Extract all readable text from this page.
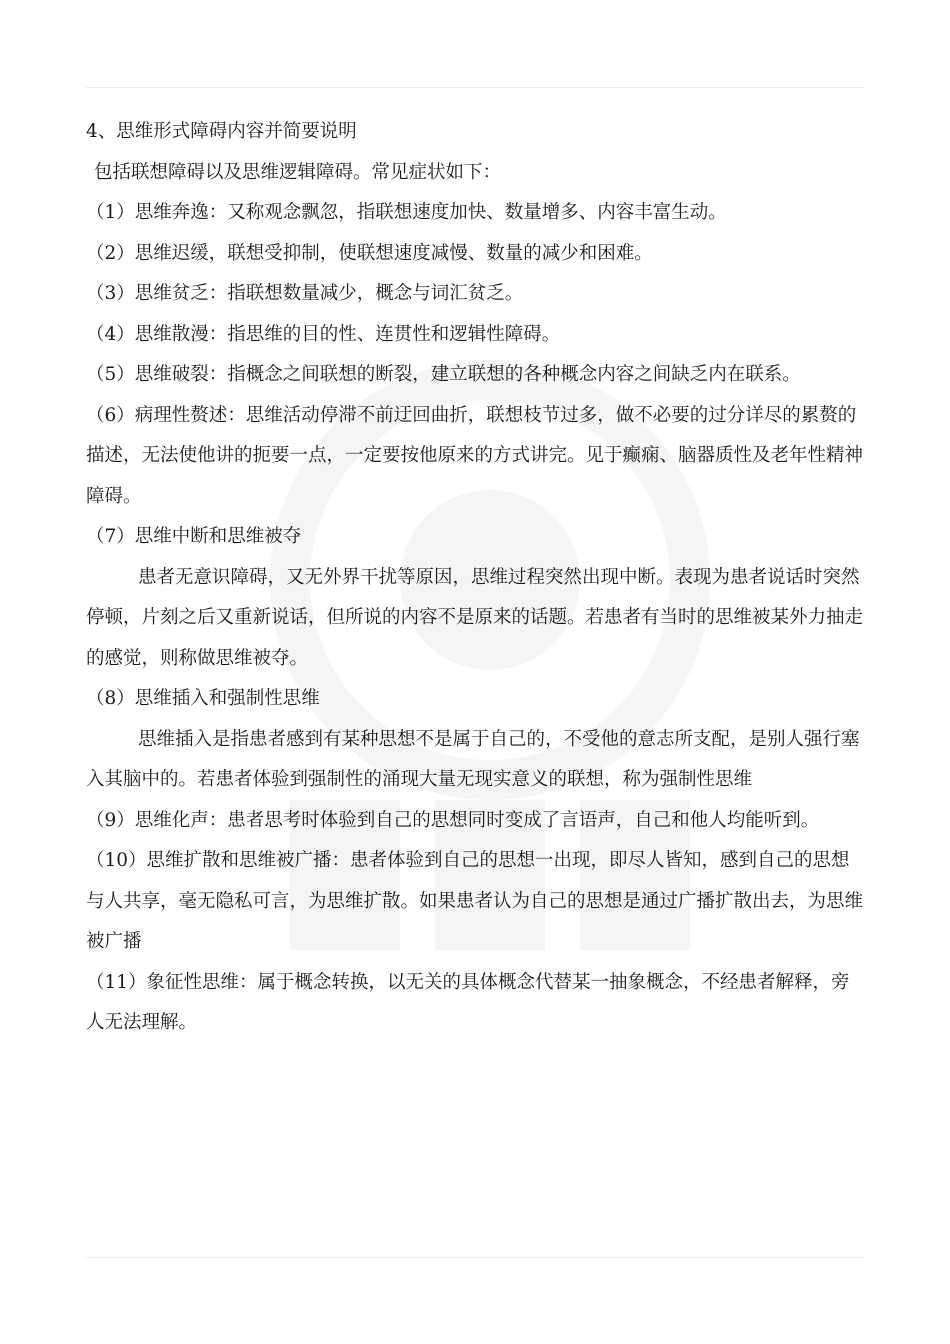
4、思维形式障碍内容并简要说明

包括联想障碍以及思维逻辑障碍。常见症状如下：

（1）思维奔逸：又称观念飘忽，指联想速度加快、数量增多、内容丰富生动。

（2）思维迟缓，联想受抑制，使联想速度减慢、数量的减少和困难。

（3）思维贫乏：指联想数量减少，概念与词汇贫乏。

（4）思维散漫：指思维的目的性、连贯性和逻辑性障碍。

（5）思维破裂：指概念之间联想的断裂，建立联想的各种概念内容之间缺乏内在联系。

（6）病理性赘述：思维活动停滞不前迂回曲折，联想枝节过多，做不必要的过分详尽的累赘的描述，无法使他讲的扼要一点，一定要按他原来的方式讲完。见于癫痫、脑器质性及老年性精神障碍。

（7）思维中断和思维被夺

患者无意识障碍，又无外界干扰等原因，思维过程突然出现中断。表现为患者说话时突然停顿，片刻之后又重新说话，但所说的内容不是原来的话题。若患者有当时的思维被某外力抽走的感觉，则称做思维被夺。

（8）思维插入和强制性思维

思维插入是指患者感到有某种思想不是属于自己的，不受他的意志所支配，是别人强行塞入其脑中的。若患者体验到强制性的涌现大量无现实意义的联想，称为强制性思维

（9）思维化声：患者思考时体验到自己的思想同时变成了言语声，自己和他人均能听到。

（10）思维扩散和思维被广播：患者体验到自己的思想一出现，即尽人皆知，感到自己的思想与人共享，毫无隐私可言，为思维扩散。如果患者认为自己的思想是通过广播扩散出去，为思维被广播

（11）象征性思维：属于概念转换，以无关的具体概念代替某一抽象概念，不经患者解释，旁人无法理解。
